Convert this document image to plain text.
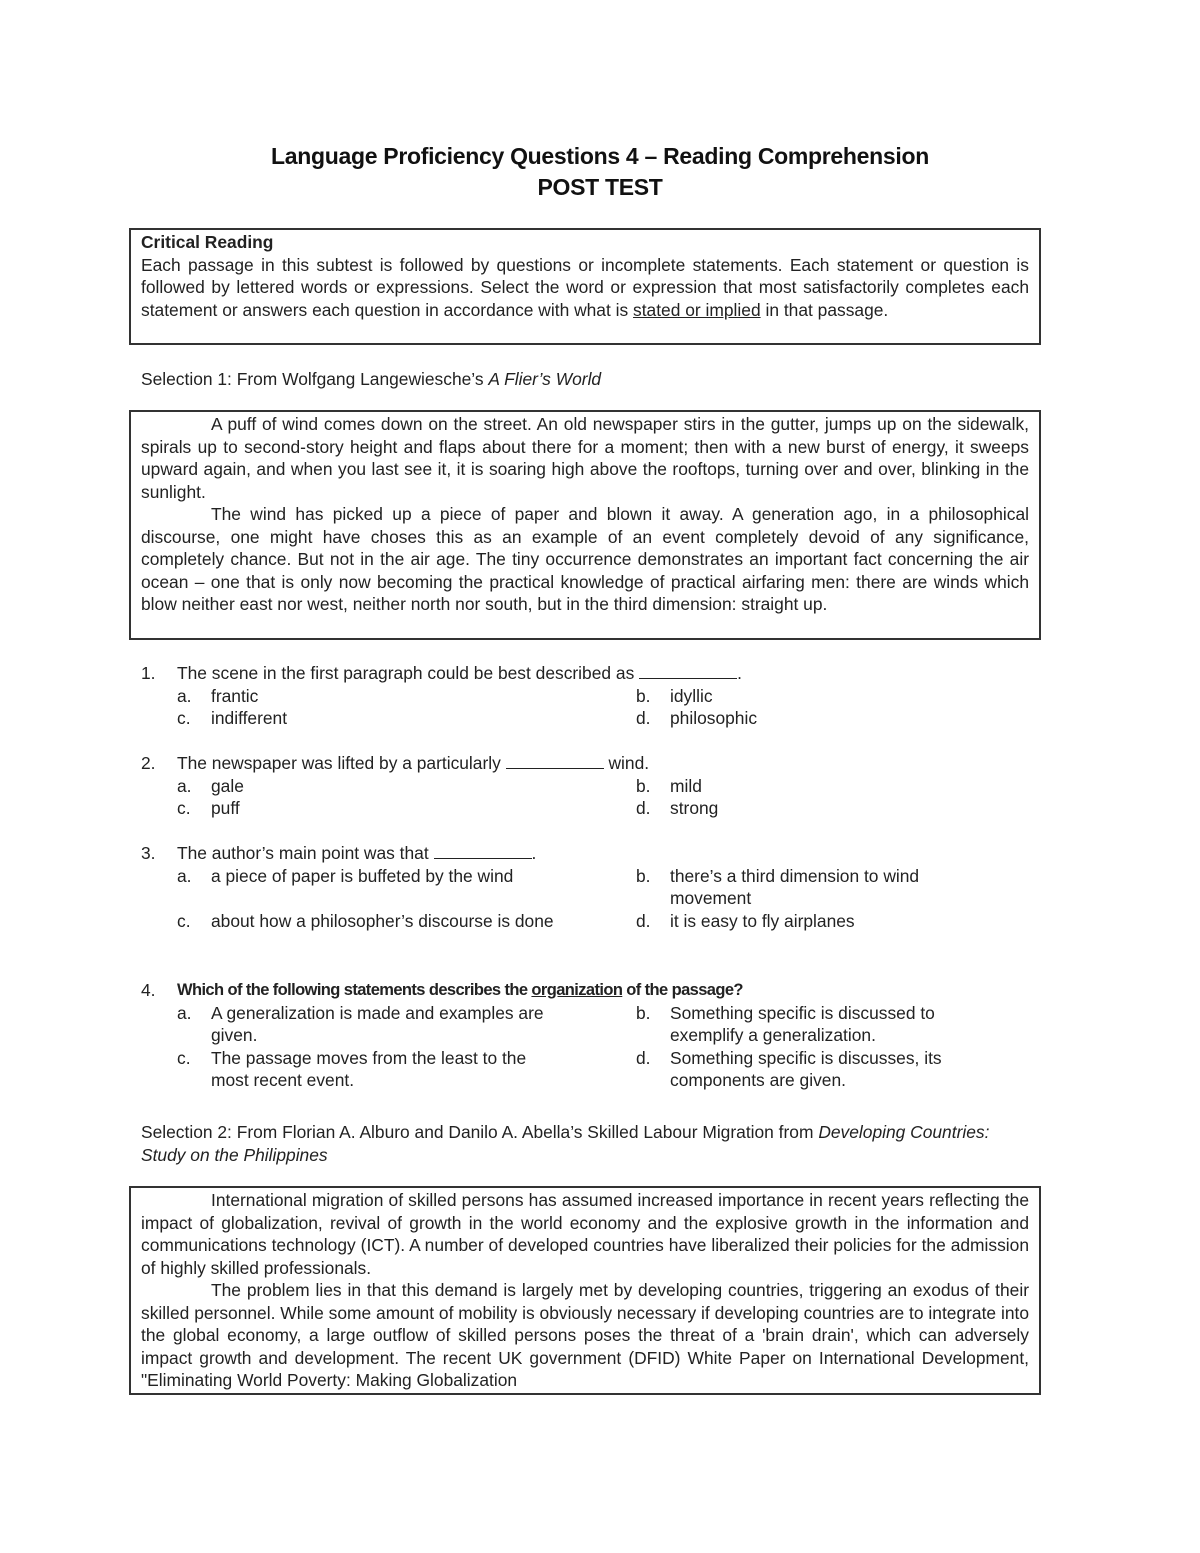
Language Proficiency Questions 4 – Reading Comprehension
POST TEST

Critical Reading

Each passage in this subtest is followed by questions or incomplete statements. Each statement or question is followed by lettered words or expressions. Select the word or expression that most satisfactorily completes each statement or answers each question in accordance with what is stated or implied in that passage.

Selection 1: From Wolfgang Langewiesche’s A Flier’s World

A puff of wind comes down on the street. An old newspaper stirs in the gutter, jumps up on the sidewalk, spirals up to second-story height and flaps about there for a moment; then with a new burst of energy, it sweeps upward again, and when you last see it, it is soaring high above the rooftops, turning over and over, blinking in the sunlight.

The wind has picked up a piece of paper and blown it away. A generation ago, in a philosophical discourse, one might have choses this as an example of an event completely devoid of any significance, completely chance. But not in the air age. The tiny occurrence demonstrates an important fact concerning the air ocean – one that is only now becoming the practical knowledge of practical airfaring men: there are winds which blow neither east nor west, neither north nor south, but in the third dimension: straight up.

1. The scene in the first paragraph could be best described as	.
a. frantic	b. idyllic
c. indifferent	d. philosophic
2. The newspaper was lifted by a particularly	wind.
a. gale	b. mild
c. puff	d. strong
3. The author’s main point was that	.
a. a piece of paper is buffeted by the wind	b. there’s a third dimension to wind movement
c. about how a philosopher’s discourse is done	d. it is easy to fly airplanes
4. Which of the following statements describes the organization of the passage?
a. A generalization is made and examples are given.
b. Something specific is discussed to exemplify a generalization.
c. The passage moves from the least to the most recent event.
d. Something specific is discusses, its components are given.
Selection 2: From Florian A. Alburo and Danilo A. Abella’s Skilled Labour Migration from Developing Countries: Study on the Philippines

International migration of skilled persons has assumed increased importance in recent years reflecting the impact of globalization, revival of growth in the world economy and the explosive growth in the information and communications technology (ICT). A number of developed countries have liberalized their policies for the admission of highly skilled professionals.

The problem lies in that this demand is largely met by developing countries, triggering an exodus of their skilled personnel. While some amount of mobility is obviously necessary if developing countries are to integrate into the global economy, a large outflow of skilled persons poses the threat of a 'brain drain', which can adversely impact growth and development. The recent UK government (DFID) White Paper on International Development, "Eliminating World Poverty: Making Globalization
